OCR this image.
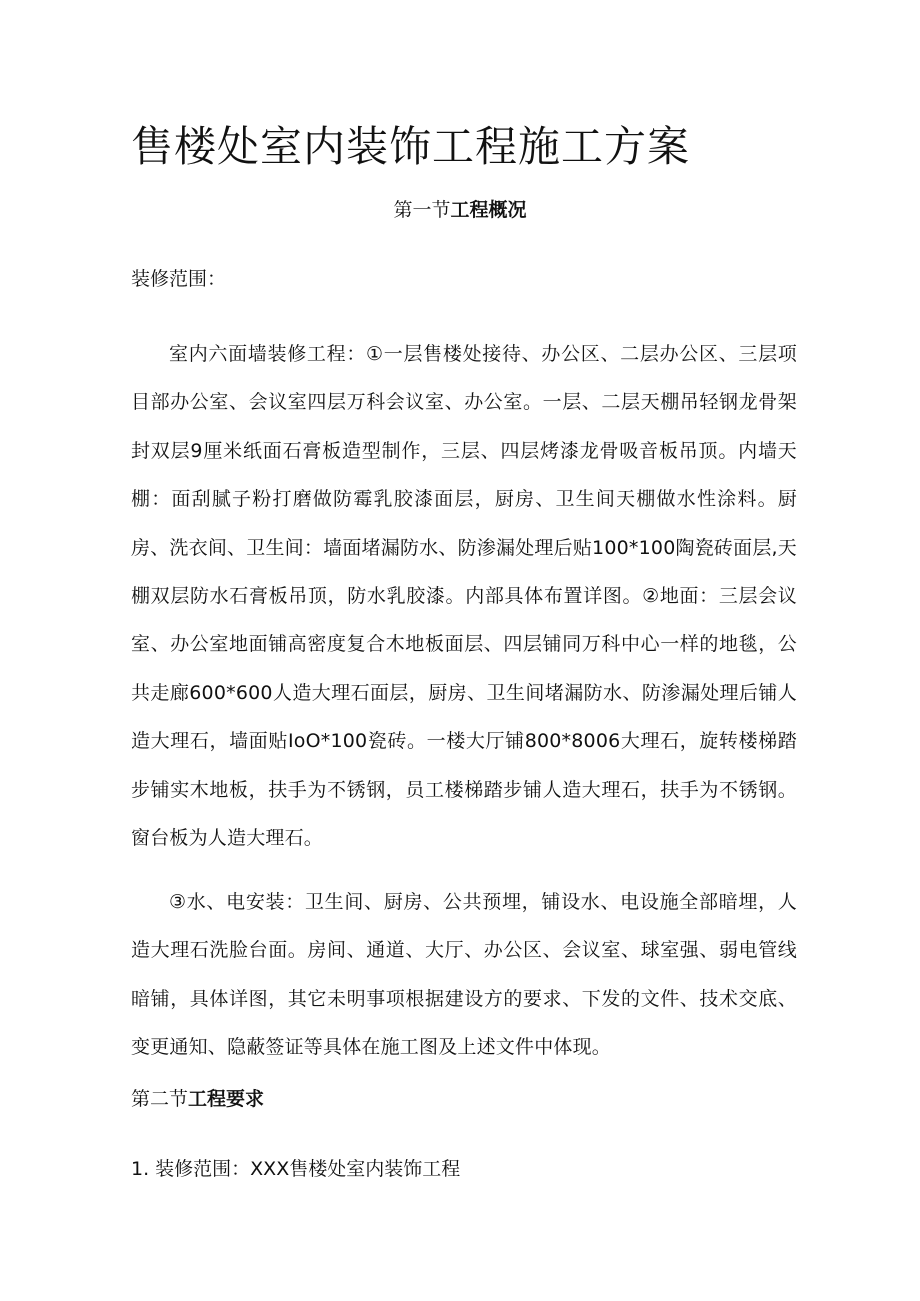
售楼处室内装饰工程施工方案
第一节工程概况

装修范围：

室内六面墙装修工程：①一层售楼处接待、办公区、二层办公区、三层项目部办公室、会议室四层万科会议室、办公室。一层、二层天棚吊轻钢龙骨架封双层9厘米纸面石膏板造型制作，三层、四层烤漆龙骨吸音板吊顶。内墙天棚：面刮腻子粉打磨做防霉乳胶漆面层，厨房、卫生间天棚做水性涂料。厨房、洗衣间、卫生间：墙面堵漏防水、防渗漏处理后贴100*100陶瓷砖面层,天棚双层防水石膏板吊顶，防水乳胶漆。内部具体布置详图。②地面：三层会议室、办公室地面铺高密度复合木地板面层、四层铺同万科中心一样的地毯，公共走廊600*600人造大理石面层，厨房、卫生间堵漏防水、防渗漏处理后铺人造大理石，墙面贴IoO*100瓷砖。一楼大厅铺800*8006大理石，旋转楼梯踏步铺实木地板，扶手为不锈钢，员工楼梯踏步铺人造大理石，扶手为不锈钢。窗台板为人造大理石。

③水、电安装：卫生间、厨房、公共预埋，铺设水、电设施全部暗埋，人造大理石洗脸台面。房间、通道、大厅、办公区、会议室、球室强、弱电管线暗铺，具体详图，其它未明事项根据建设方的要求、下发的文件、技术交底、变更通知、隐蔽签证等具体在施工图及上述文件中体现。

第二节工程要求

1. 装修范围：XXX售楼处室内装饰工程
